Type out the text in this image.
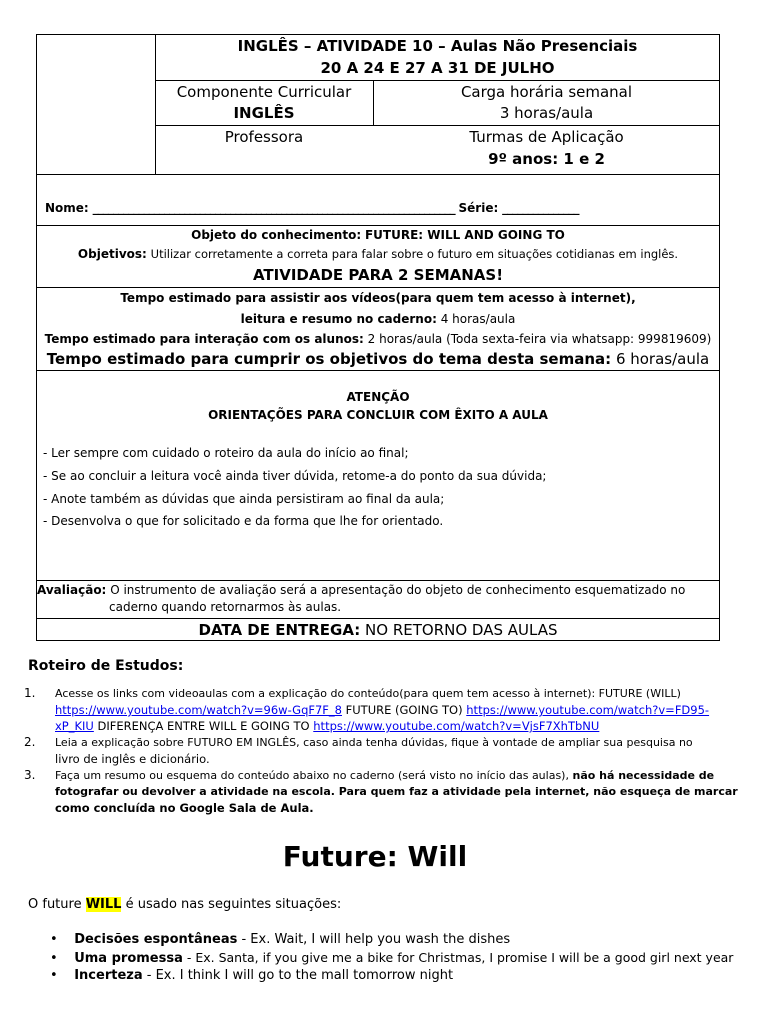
INGLÊS – ATIVIDADE 10 – Aulas Não Presenciais
20 A 24 E 27 A 31 DE JULHO
Componente Curricular
INGLÊS
Carga horária semanal
3 horas/aula
Professora	Turmas de Aplicação
9º anos: 1 e 2
Nome: _______________________________________________________________________ Série: _______________
Objeto do conhecimento: FUTURE: WILL AND GOING TO
Objetivos: Utilizar corretamente a correta para falar sobre o futuro em situações cotidianas em inglês.
ATIVIDADE PARA 2 SEMANAS!
Tempo estimado para assistir aos vídeos(para quem tem acesso à internet),
leitura e resumo no caderno: 4 horas/aula
Tempo estimado para interação com os alunos: 2 horas/aula (Toda sexta-feira via whatsapp: 999819609)
Tempo estimado para cumprir os objetivos do tema desta semana: 6 horas/aula
ATENÇÃO
ORIENTAÇÕES PARA CONCLUIR COM ÊXITO A AULA
- Ler sempre com cuidado o roteiro da aula do início ao final;
- Se ao concluir a leitura você ainda tiver dúvida, retome-a do ponto da sua dúvida;
- Anote também as dúvidas que ainda persistiram ao final da aula;
- Desenvolva o que for solicitado e da forma que lhe for orientado.
Avaliação: O instrumento de avaliação será a apresentação do objeto de conhecimento esquematizado no
caderno quando retornarmos às aulas.
DATA DE ENTREGA: NO RETORNO DAS AULAS
Roteiro de Estudos:
1. Acesse os links com videoaulas com a explicação do conteúdo(para quem tem acesso à internet): FUTURE (WILL)
https://www.youtube.com/watch?v=96w-GqF7F_8 FUTURE (GOING TO) https://www.youtube.com/watch?v=FD95-
xP_KIU DIFERENÇA ENTRE WILL E GOING TO https://www.youtube.com/watch?v=VjsF7XhTbNU
2. Leia a explicação sobre FUTURO EM INGLÊS, caso ainda tenha dúvidas, fique à vontade de ampliar sua pesquisa no
livro de inglês e dicionário.
3. Faça um resumo ou esquema do conteúdo abaixo no caderno (será visto no início das aulas), não há necessidade de
fotografar ou devolver a atividade na escola. Para quem faz a atividade pela internet, não esqueça de marcar
como concluída no Google Sala de Aula.
Future: Will
O future WILL é usado nas seguintes situações:
• Decisões espontâneas - Ex. Wait, I will help you wash the dishes
• Uma promessa - Ex. Santa, if you give me a bike for Christmas, I promise I will be a good girl next year
• Incerteza - Ex. I think I will go to the mall tomorrow night
